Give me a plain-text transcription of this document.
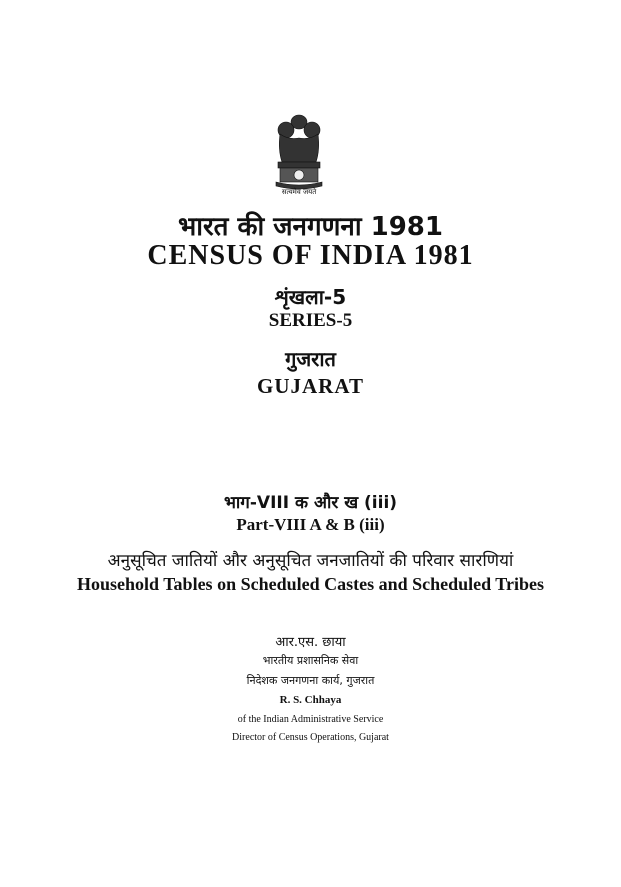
सत्यमेव जयते
भारत की जनगणना 1981
CENSUS OF INDIA 1981
शृंखला-5
SERIES-5
गुजरात
GUJARAT
भाग-VIII क और ख (iii)
Part-VIII A & B (iii)
अनुसूचित जातियों और अनुसूचित जनजातियों की परिवार सारणियां
Household Tables on Scheduled Castes and Scheduled Tribes
आर.एस. छाया
भारतीय प्रशासनिक सेवा
निदेशक जनगणना कार्य, गुजरात
R. S. Chhaya
of the Indian Administrative Service
Director of Census Operations, Gujarat
